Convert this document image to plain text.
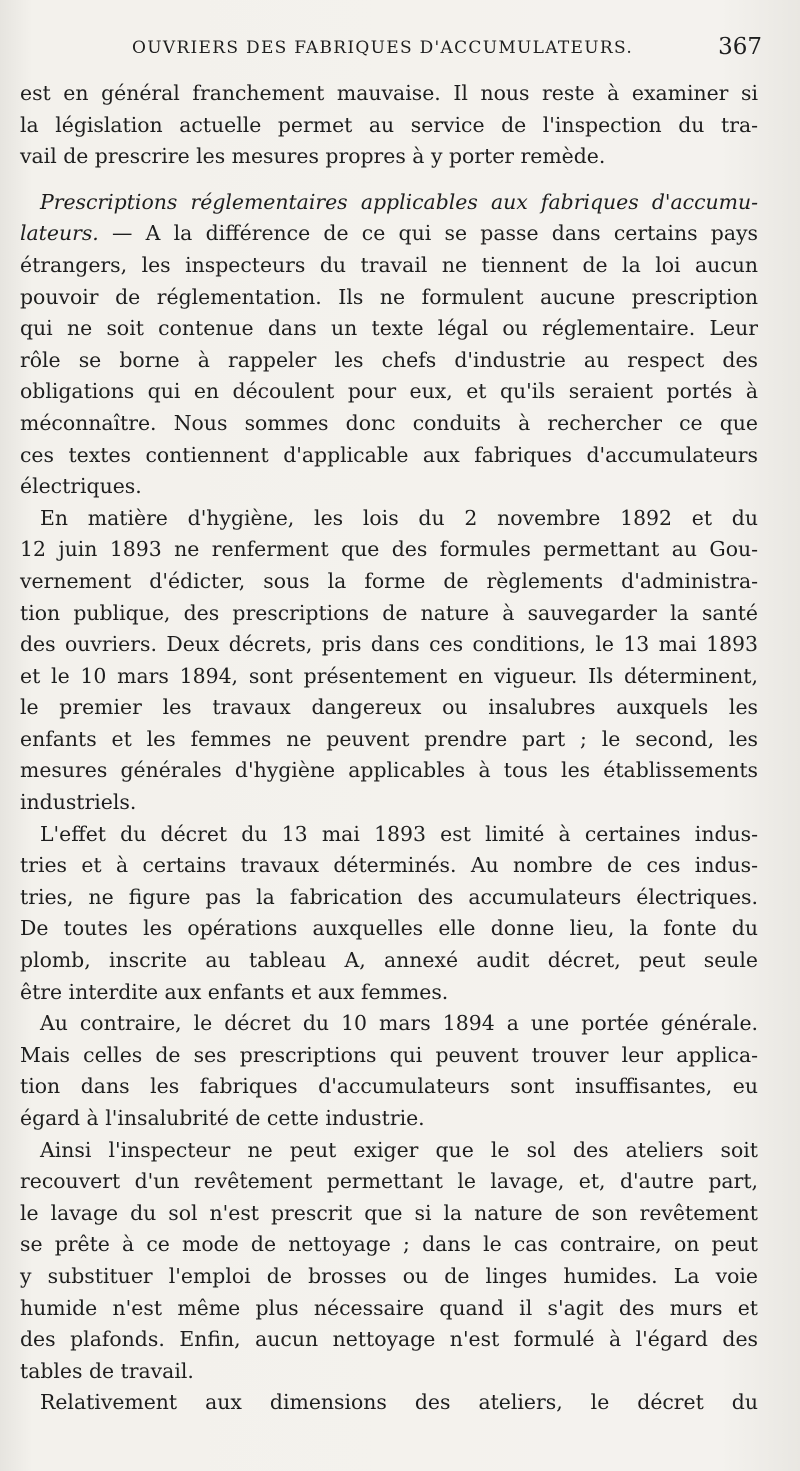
OUVRIERS DES FABRIQUES D'ACCUMULATEURS.	367
est en général franchement mauvaise. Il nous reste à examiner si
la législation actuelle permet au service de l'inspection du tra-
vail de prescrire les mesures propres à y porter remède.
Prescriptions réglementaires applicables aux fabriques d'accumu-
lateurs. — A la différence de ce qui se passe dans certains pays
étrangers, les inspecteurs du travail ne tiennent de la loi aucun
pouvoir de réglementation. Ils ne formulent aucune prescription
qui ne soit contenue dans un texte légal ou réglementaire. Leur
rôle se borne à rappeler les chefs d'industrie au respect des
obligations qui en découlent pour eux, et qu'ils seraient portés à
méconnaître. Nous sommes donc conduits à rechercher ce que
ces textes contiennent d'applicable aux fabriques d'accumulateurs
électriques.
En matière d'hygiène, les lois du 2 novembre 1892 et du
12 juin 1893 ne renferment que des formules permettant au Gou-
vernement d'édicter, sous la forme de règlements d'administra-
tion publique, des prescriptions de nature à sauvegarder la santé
des ouvriers. Deux décrets, pris dans ces conditions, le 13 mai 1893
et le 10 mars 1894, sont présentement en vigueur. Ils déterminent,
le premier les travaux dangereux ou insalubres auxquels les
enfants et les femmes ne peuvent prendre part ; le second, les
mesures générales d'hygiène applicables à tous les établissements
industriels.
L'effet du décret du 13 mai 1893 est limité à certaines indus-
tries et à certains travaux déterminés. Au nombre de ces indus-
tries, ne figure pas la fabrication des accumulateurs électriques.
De toutes les opérations auxquelles elle donne lieu, la fonte du
plomb, inscrite au tableau A, annexé audit décret, peut seule
être interdite aux enfants et aux femmes.
Au contraire, le décret du 10 mars 1894 a une portée générale.
Mais celles de ses prescriptions qui peuvent trouver leur applica-
tion dans les fabriques d'accumulateurs sont insuffisantes, eu
égard à l'insalubrité de cette industrie.
Ainsi l'inspecteur ne peut exiger que le sol des ateliers soit
recouvert d'un revêtement permettant le lavage, et, d'autre part,
le lavage du sol n'est prescrit que si la nature de son revêtement
se prête à ce mode de nettoyage ; dans le cas contraire, on peut
y substituer l'emploi de brosses ou de linges humides. La voie
humide n'est même plus nécessaire quand il s'agit des murs et
des plafonds. Enfin, aucun nettoyage n'est formulé à l'égard des
tables de travail.
Relativement aux dimensions des ateliers, le décret du
